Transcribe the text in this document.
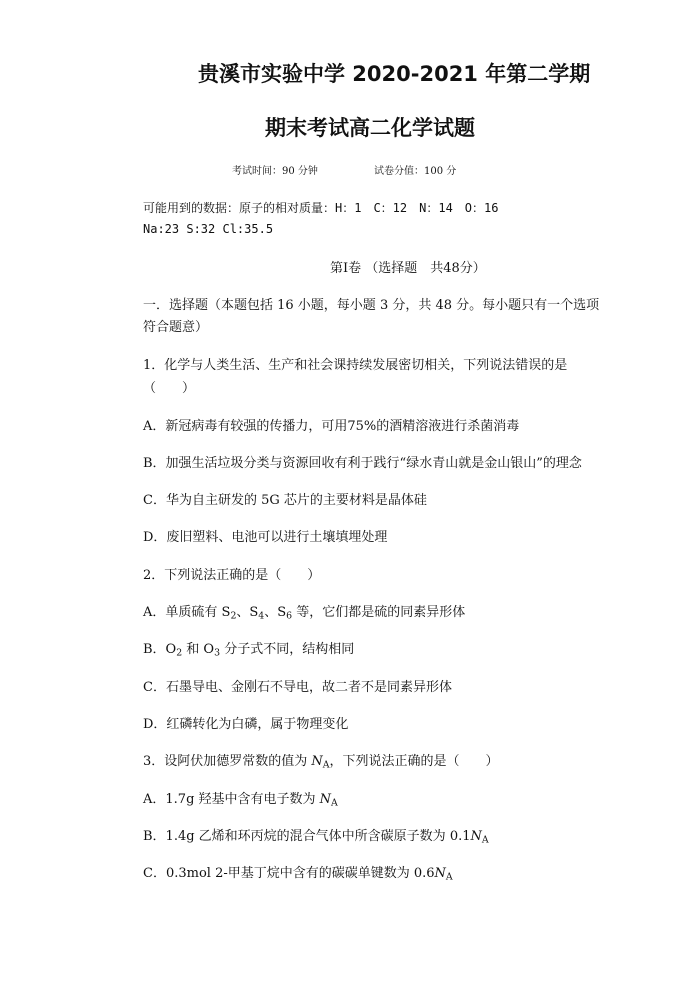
贵溪市实验中学 2020-2021 年第二学期
期末考试高二化学试题
考试时间：90 分钟	试卷分值：100 分
可能用到的数据：原子的相对质量：H：1　C：12　N：14　O：16
Na:23 S:32 Cl:35.5
第Ⅰ卷 （选择题　共48分）
一．选择题（本题包括 16 小题，每小题 3 分，共 48 分。每小题只有一个选项
符合题意）
1．化学与人类生活、生产和社会课持续发展密切相关，下列说法错误的是
（　　）
A．新冠病毒有较强的传播力，可用75%的酒精溶液进行杀菌消毒
B．加强生活垃圾分类与资源回收有利于践行“绿水青山就是金山银山”的理念
C．华为自主研发的 5G 芯片的主要材料是晶体硅
D．废旧塑料、电池可以进行土壤填埋处理
2．下列说法正确的是（　　）
A．单质硫有 $S_2$、$S_4$、$S_6$ 等，它们都是硫的同素异形体
B．$O_2$ 和 $O_3$ 分子式不同，结构相同
C．石墨导电、金刚石不导电，故二者不是同素异形体
D．红磷转化为白磷，属于物理变化
3．设阿伏加德罗常数的值为 $N_A$，下列说法正确的是（　　）
A．1.7g 羟基中含有电子数为 $N_A$
B．1.4g 乙烯和环丙烷的混合气体中所含碳原子数为 $0.1N_A$
C．0.3mol 2-甲基丁烷中含有的碳碳单键数为 $0.6N_A$
